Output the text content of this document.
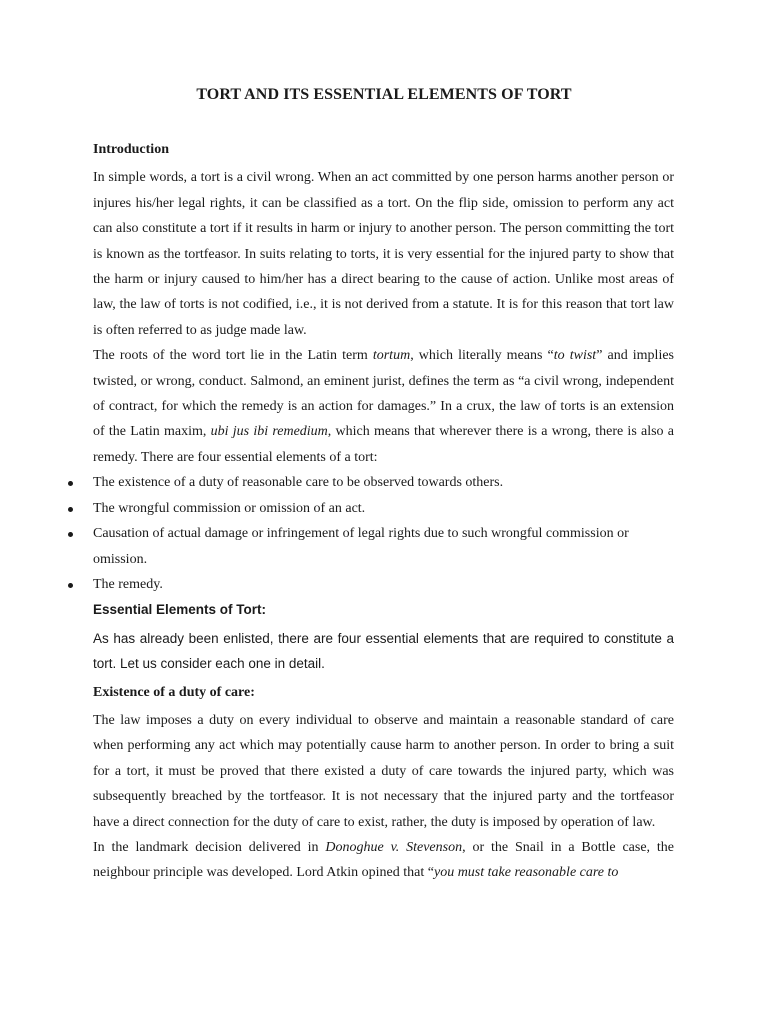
TORT AND ITS ESSENTIAL ELEMENTS OF TORT

Introduction

In simple words, a tort is a civil wrong. When an act committed by one person harms another person or injures his/her legal rights, it can be classified as a tort. On the flip side, omission to perform any act can also constitute a tort if it results in harm or injury to another person. The person committing the tort is known as the tortfeasor. In suits relating to torts, it is very essential for the injured party to show that the harm or injury caused to him/her has a direct bearing to the cause of action. Unlike most areas of law, the law of torts is not codified, i.e., it is not derived from a statute. It is for this reason that tort law is often referred to as judge made law.

The roots of the word tort lie in the Latin term tortum, which literally means “to twist” and implies twisted, or wrong, conduct. Salmond, an eminent jurist, defines the term as “a civil wrong, independent of contract, for which the remedy is an action for damages.” In a crux, the law of torts is an extension of the Latin maxim, ubi jus ibi remedium, which means that wherever there is a wrong, there is also a remedy. There are four essential elements of a tort:

The existence of a duty of reasonable care to be observed towards others.
The wrongful commission or omission of an act.
Causation of actual damage or infringement of legal rights due to such wrongful commission or omission.
The remedy.

Essential Elements of Tort:

As has already been enlisted, there are four essential elements that are required to constitute a tort. Let us consider each one in detail.

Existence of a duty of care:

The law imposes a duty on every individual to observe and maintain a reasonable standard of care when performing any act which may potentially cause harm to another person. In order to bring a suit for a tort, it must be proved that there existed a duty of care towards the injured party, which was subsequently breached by the tortfeasor. It is not necessary that the injured party and the tortfeasor have a direct connection for the duty of care to exist, rather, the duty is imposed by operation of law.

In the landmark decision delivered in Donoghue v. Stevenson, or the Snail in a Bottle case, the neighbour principle was developed. Lord Atkin opined that “you must take reasonable care to
